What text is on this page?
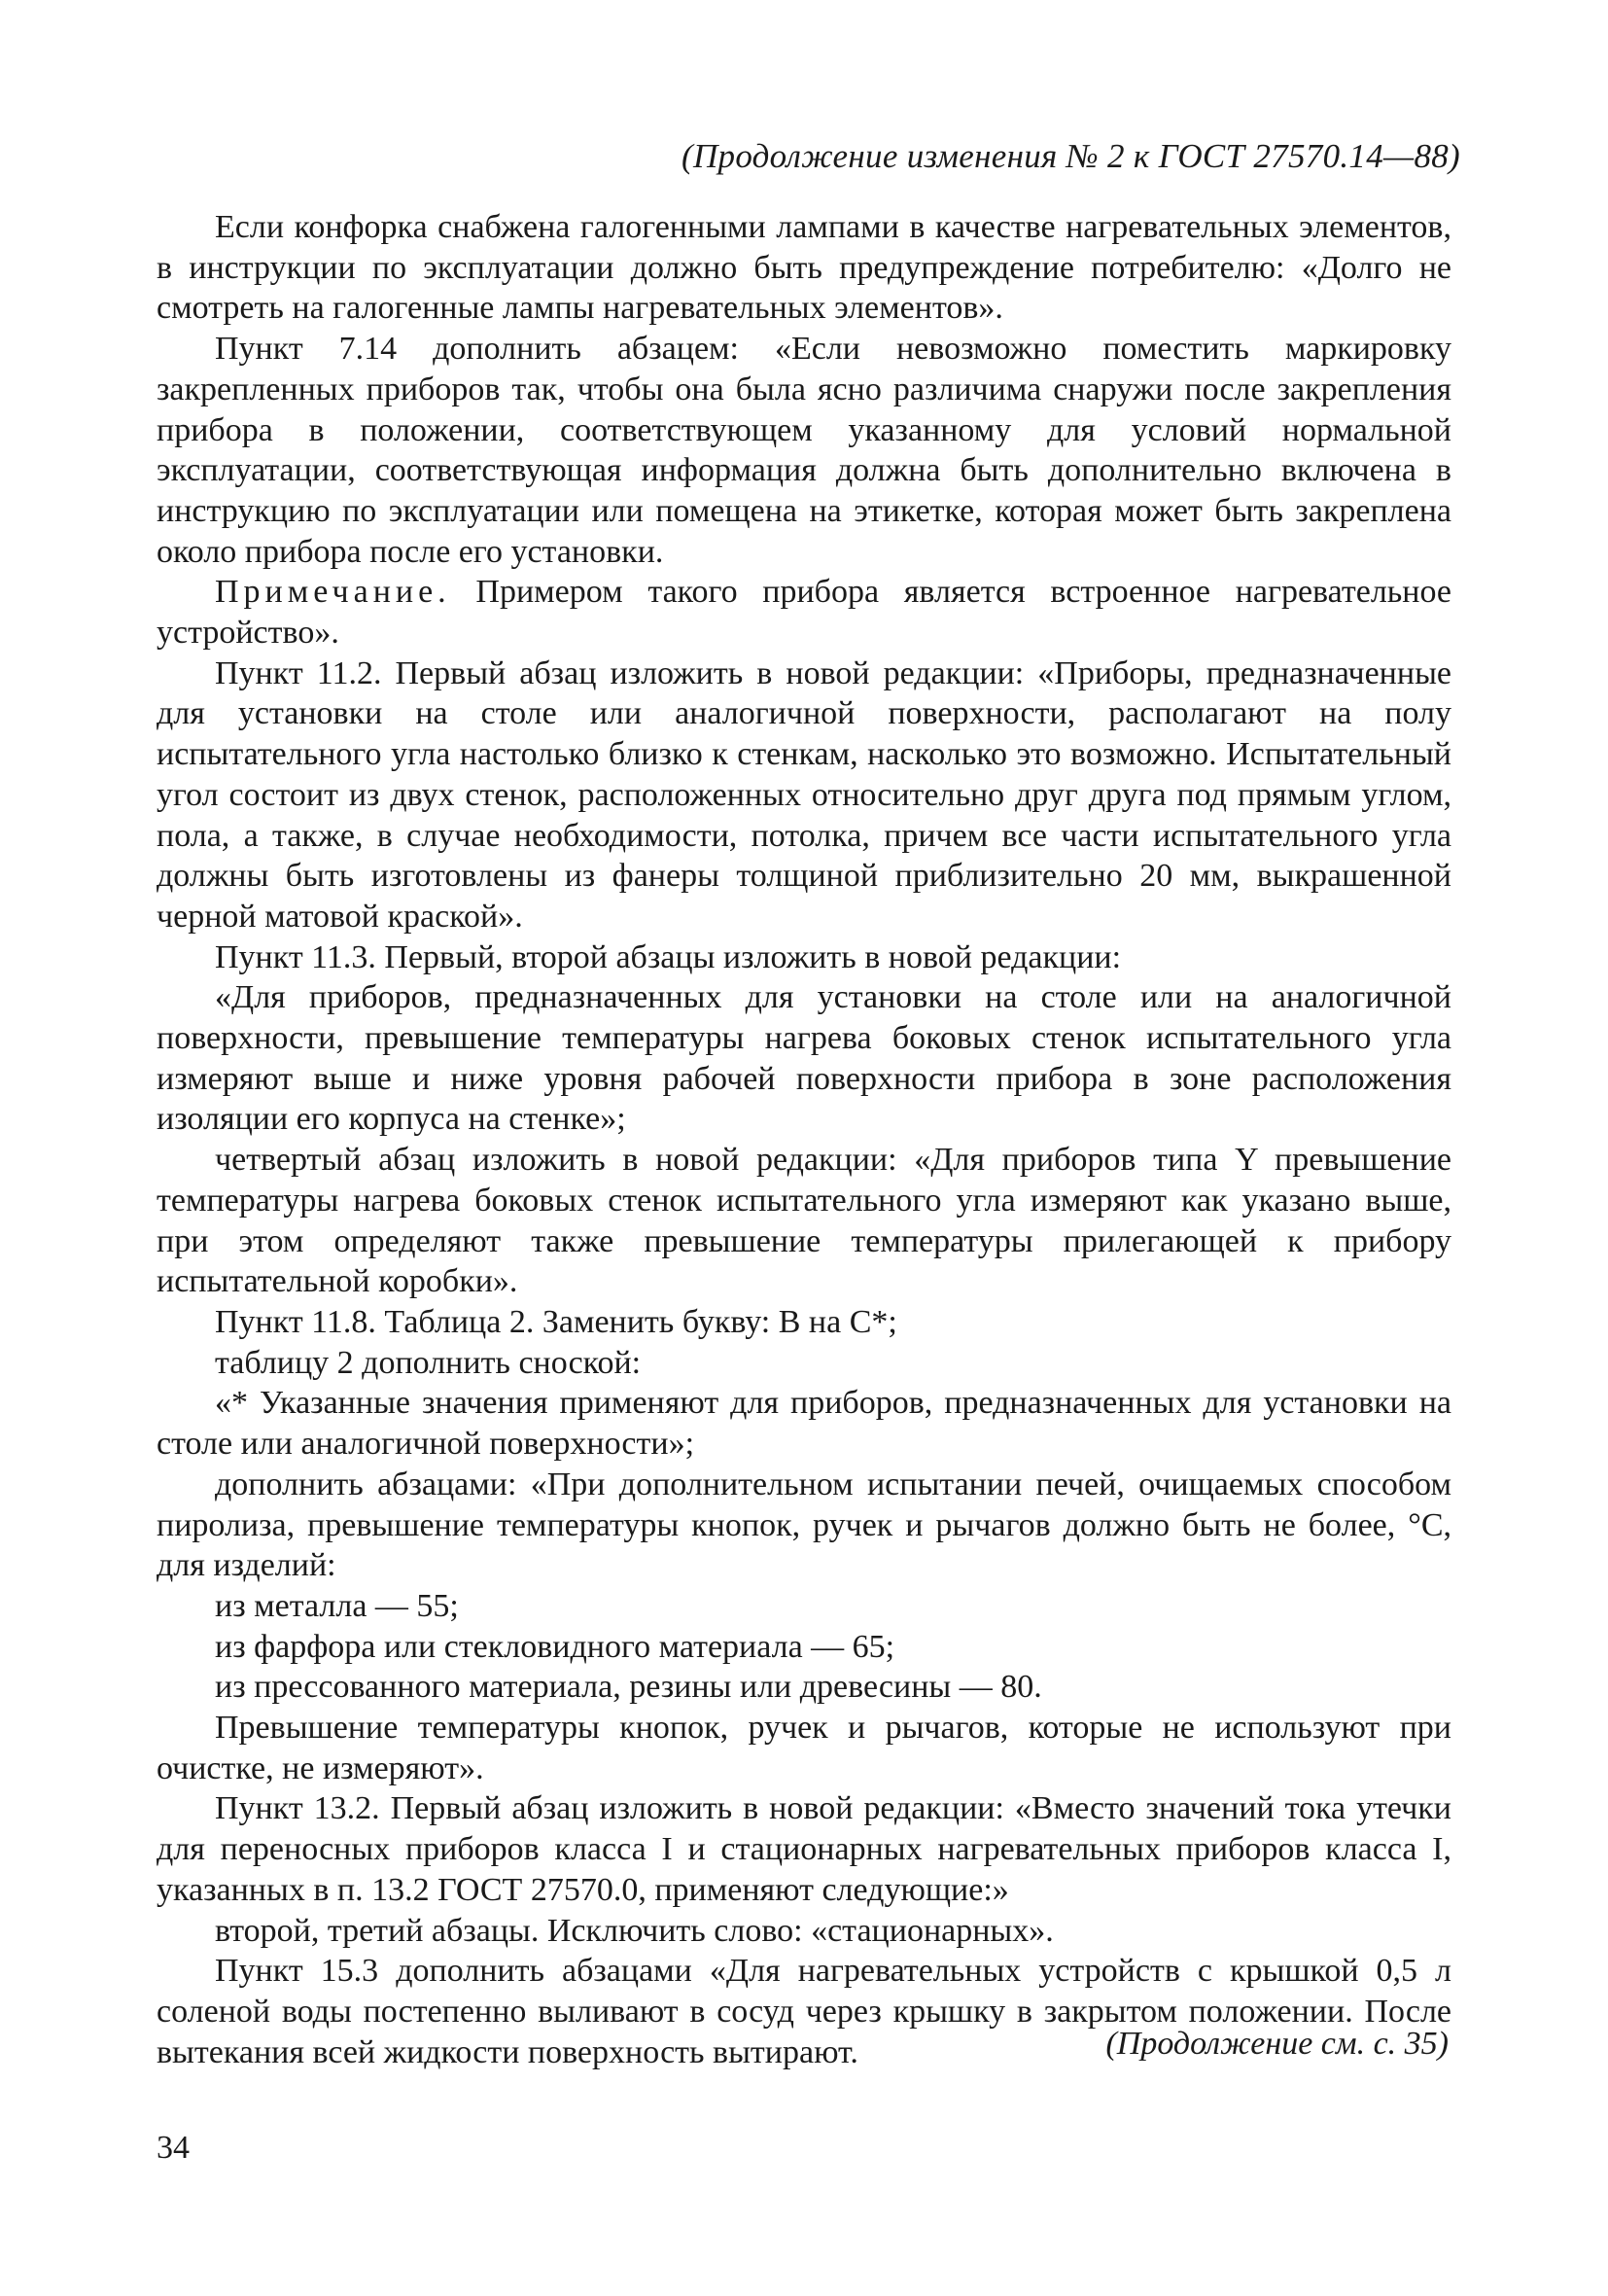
(Продолжение изменения № 2 к ГОСТ 27570.14—88)

Если конфорка снабжена галогенными лампами в качестве нагревательных элементов, в инструкции по эксплуатации должно быть предупреждение потребителю: «Долго не смотреть на галогенные лампы нагревательных элементов».

Пункт 7.14 дополнить абзацем: «Если невозможно поместить маркировку закрепленных приборов так, чтобы она была ясно различима снаружи после закрепления прибора в положении, соответствующем указанному для условий нормальной эксплуатации, соответствующая информация должна быть дополнительно включена в инструкцию по эксплуатации или помещена на этикетке, которая может быть закреплена около прибора после его установки.

Примечание. Примером такого прибора является встроенное нагревательное устройство».

Пункт 11.2. Первый абзац изложить в новой редакции: «Приборы, предназначенные для установки на столе или аналогичной поверхности, располагают на полу испытательного угла настолько близко к стенкам, насколько это возможно. Испытательный угол состоит из двух стенок, расположенных относительно друг друга под прямым углом, пола, а также, в случае необходимости, потолка, причем все части испытательного угла должны быть изготовлены из фанеры толщиной приблизительно 20 мм, выкрашенной черной матовой краской».

Пункт 11.3. Первый, второй абзацы изложить в новой редакции:

«Для приборов, предназначенных для установки на столе или на аналогичной поверхности, превышение температуры нагрева боковых стенок испытательного угла измеряют выше и ниже уровня рабочей поверхности прибора в зоне расположения изоляции его корпуса на стенке»;

четвертый абзац изложить в новой редакции: «Для приборов типа Y превышение температуры нагрева боковых стенок испытательного угла измеряют как указано выше, при этом определяют также превышение температуры прилегающей к прибору испытательной коробки».

Пункт 11.8. Таблица 2. Заменить букву: В на С*;

таблицу 2 дополнить сноской:

«* Указанные значения применяют для приборов, предназначенных для установки на столе или аналогичной поверхности»;

дополнить абзацами: «При дополнительном испытании печей, очищаемых способом пиролиза, превышение температуры кнопок, ручек и рычагов должно быть не более, °С, для изделий:

из металла — 55;

из фарфора или стекловидного материала — 65;

из прессованного материала, резины или древесины — 80.

Превышение температуры кнопок, ручек и рычагов, которые не используют при очистке, не измеряют».

Пункт 13.2. Первый абзац изложить в новой редакции: «Вместо значений тока утечки для переносных приборов класса I и стационарных нагревательных приборов класса I, указанных в п. 13.2 ГОСТ 27570.0, применяют следующие:»

второй, третий абзацы. Исключить слово: «стационарных».

Пункт 15.3 дополнить абзацами «Для нагревательных устройств с крышкой 0,5 л соленой воды постепенно выливают в сосуд через крышку в закрытом положении. После вытекания всей жидкости поверхность вытирают.	(Продолжение см. с. 35)
34
